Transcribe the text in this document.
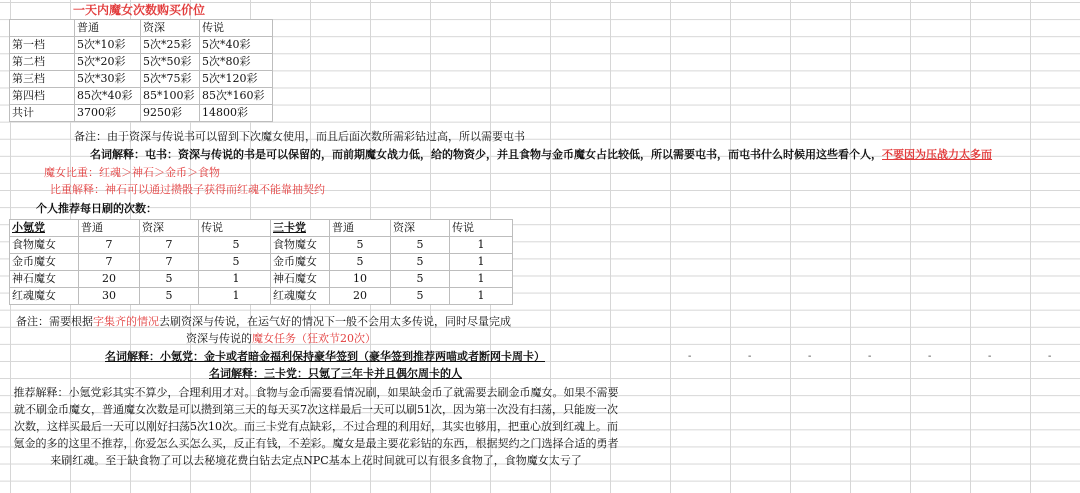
一天内魔女次数购买价位
	普通	资深	传说
第一档	5次*10彩	5次*25彩	5次*40彩
第二档	5次*20彩	5次*50彩	5次*80彩
第三档	5次*30彩	5次*75彩	5次*120彩
第四档	85次*40彩	85*100彩	85次*160彩
共计	3700彩	9250彩	14800彩
备注：由于资深与传说书可以留到下次魔女使用，而且后面次数所需彩钻过高，所以需要屯书
名词解释：屯书：资深与传说的书是可以保留的，而前期魔女战力低，给的物资少，并且食物与金币魔女占比较低，所以需要屯书，而屯书什么时候用这些看个人，不要因为压战力太多而
魔女比重：红魂＞神石＞金币＞食物
比重解释：神石可以通过攒骰子获得而红魂不能靠抽契约
个人推荐每日刷的次数：
小氪党	普通	资深	传说
食物魔女	7	7	5
金币魔女	7	7	5
神石魔女	20	5	1
红魂魔女	30	5	1
三卡党	普通	资深	传说
食物魔女	5	5	1
金币魔女	5	5	1
神石魔女	10	5	1
红魂魔女	20	5	1
备注：需要根据字集齐的情况去刷资深与传说，在运气好的情况下一般不会用太多传说，同时尽量完成
资深与传说的魔女任务（狂欢节20次）
名词解释：小氪党：金卡或者暗金福利保持豪华签到（豪华签到推荐两喵或者断网卡周卡）
名词解释：三卡党：只氪了三年卡并且偶尔周卡的人
-	-	-	-	-	-	-
推荐解释：小氪党彩其实不算少，合理利用才对。食物与金币需要看情况刷，如果缺金币了就需要去刷金币魔女。如果不需要就不刷金币魔女，普通魔女次数是可以攒到第三天的每天买7次这样最后一天可以刷51次，因为第一次没有扫荡，只能废一次次数，这样买最后一天可以刚好扫荡5次10次。而三卡党有点缺彩，不过合理的利用好，其实也够用，把重心放到红魂上。而氪金的多的这里不推荐，你爱怎么买怎么买，反正有钱，不差彩。魔女是最主要花彩钻的东西，根据契约之门选择合适的勇者来刷红魂。至于缺食物了可以去秘境花费白钻去定点NPC基本上花时间就可以有很多食物了，食物魔女太亏了
